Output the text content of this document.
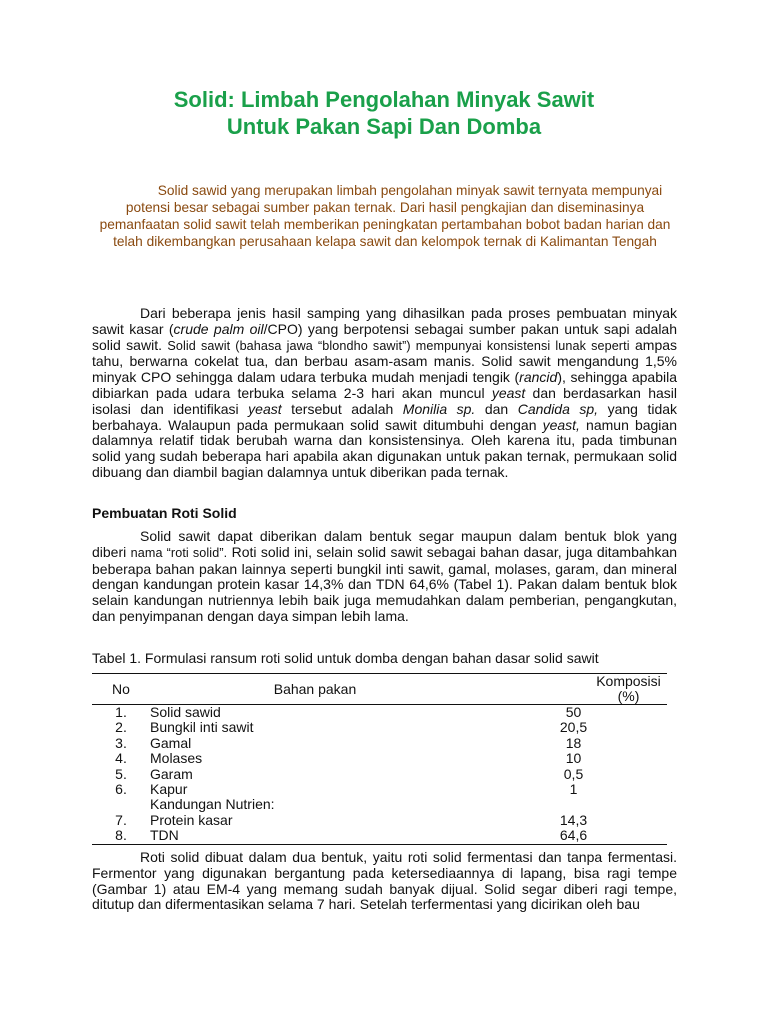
Solid: Limbah Pengolahan Minyak Sawit
Untuk Pakan Sapi Dan Domba
Solid sawid yang merupakan limbah pengolahan minyak sawit ternyata mempunyai potensi besar sebagai sumber pakan ternak. Dari hasil pengkajian dan diseminasinya pemanfaatan solid sawit telah memberikan peningkatan pertambahan bobot badan harian dan telah dikembangkan perusahaan kelapa sawit dan kelompok ternak di Kalimantan Tengah
Dari beberapa jenis hasil samping yang dihasilkan pada proses pembuatan minyak sawit kasar (crude palm oil/CPO) yang berpotensi sebagai sumber pakan untuk sapi adalah solid sawit. Solid sawit (bahasa jawa “blondho sawit”) mempunyai konsistensi lunak seperti ampas tahu, berwarna cokelat tua, dan berbau asam-asam manis. Solid sawit mengandung 1,5% minyak CPO sehingga dalam udara terbuka mudah menjadi tengik (rancid), sehingga apabila dibiarkan pada udara terbuka selama 2-3 hari akan muncul yeast dan berdasarkan hasil isolasi dan identifikasi yeast tersebut adalah Monilia sp. dan Candida sp, yang tidak berbahaya. Walaupun pada permukaan solid sawit ditumbuhi dengan yeast, namun bagian dalamnya relatif tidak berubah warna dan konsistensinya. Oleh karena itu, pada timbunan solid yang sudah beberapa hari apabila akan digunakan untuk pakan ternak, permukaan solid dibuang dan diambil bagian dalamnya untuk diberikan pada ternak.
Pembuatan Roti Solid
Solid sawit dapat diberikan dalam bentuk segar maupun dalam bentuk blok yang diberi nama “roti solid”. Roti solid ini, selain solid sawit sebagai bahan dasar, juga ditambahkan beberapa bahan pakan lainnya seperti bungkil inti sawit, gamal, molases, garam, dan mineral dengan kandungan protein kasar 14,3% dan TDN 64,6% (Tabel 1). Pakan dalam bentuk blok selain kandungan nutriennya lebih baik juga memudahkan dalam pemberian, pengangkutan, dan penyimpanan dengan daya simpan lebih lama.
Tabel 1. Formulasi ransum roti solid untuk domba dengan bahan dasar solid sawit
No	Bahan pakan	Komposisi (%)
1.	Solid sawid	50
2.	Bungkil inti sawit	20,5
3.	Gamal	18
4.	Molases	10
5.	Garam	0,5
6.	Kapur	1
	Kandungan Nutrien:	
7.	Protein kasar	14,3
8.	TDN	64,6
Roti solid dibuat dalam dua bentuk, yaitu roti solid fermentasi dan tanpa fermentasi. Fermentor yang digunakan bergantung pada ketersediaannya di lapang, bisa ragi tempe (Gambar 1) atau EM-4 yang memang sudah banyak dijual. Solid segar diberi ragi tempe, ditutup dan difermentasikan selama 7 hari. Setelah terfermentasi yang dicirikan oleh bau
